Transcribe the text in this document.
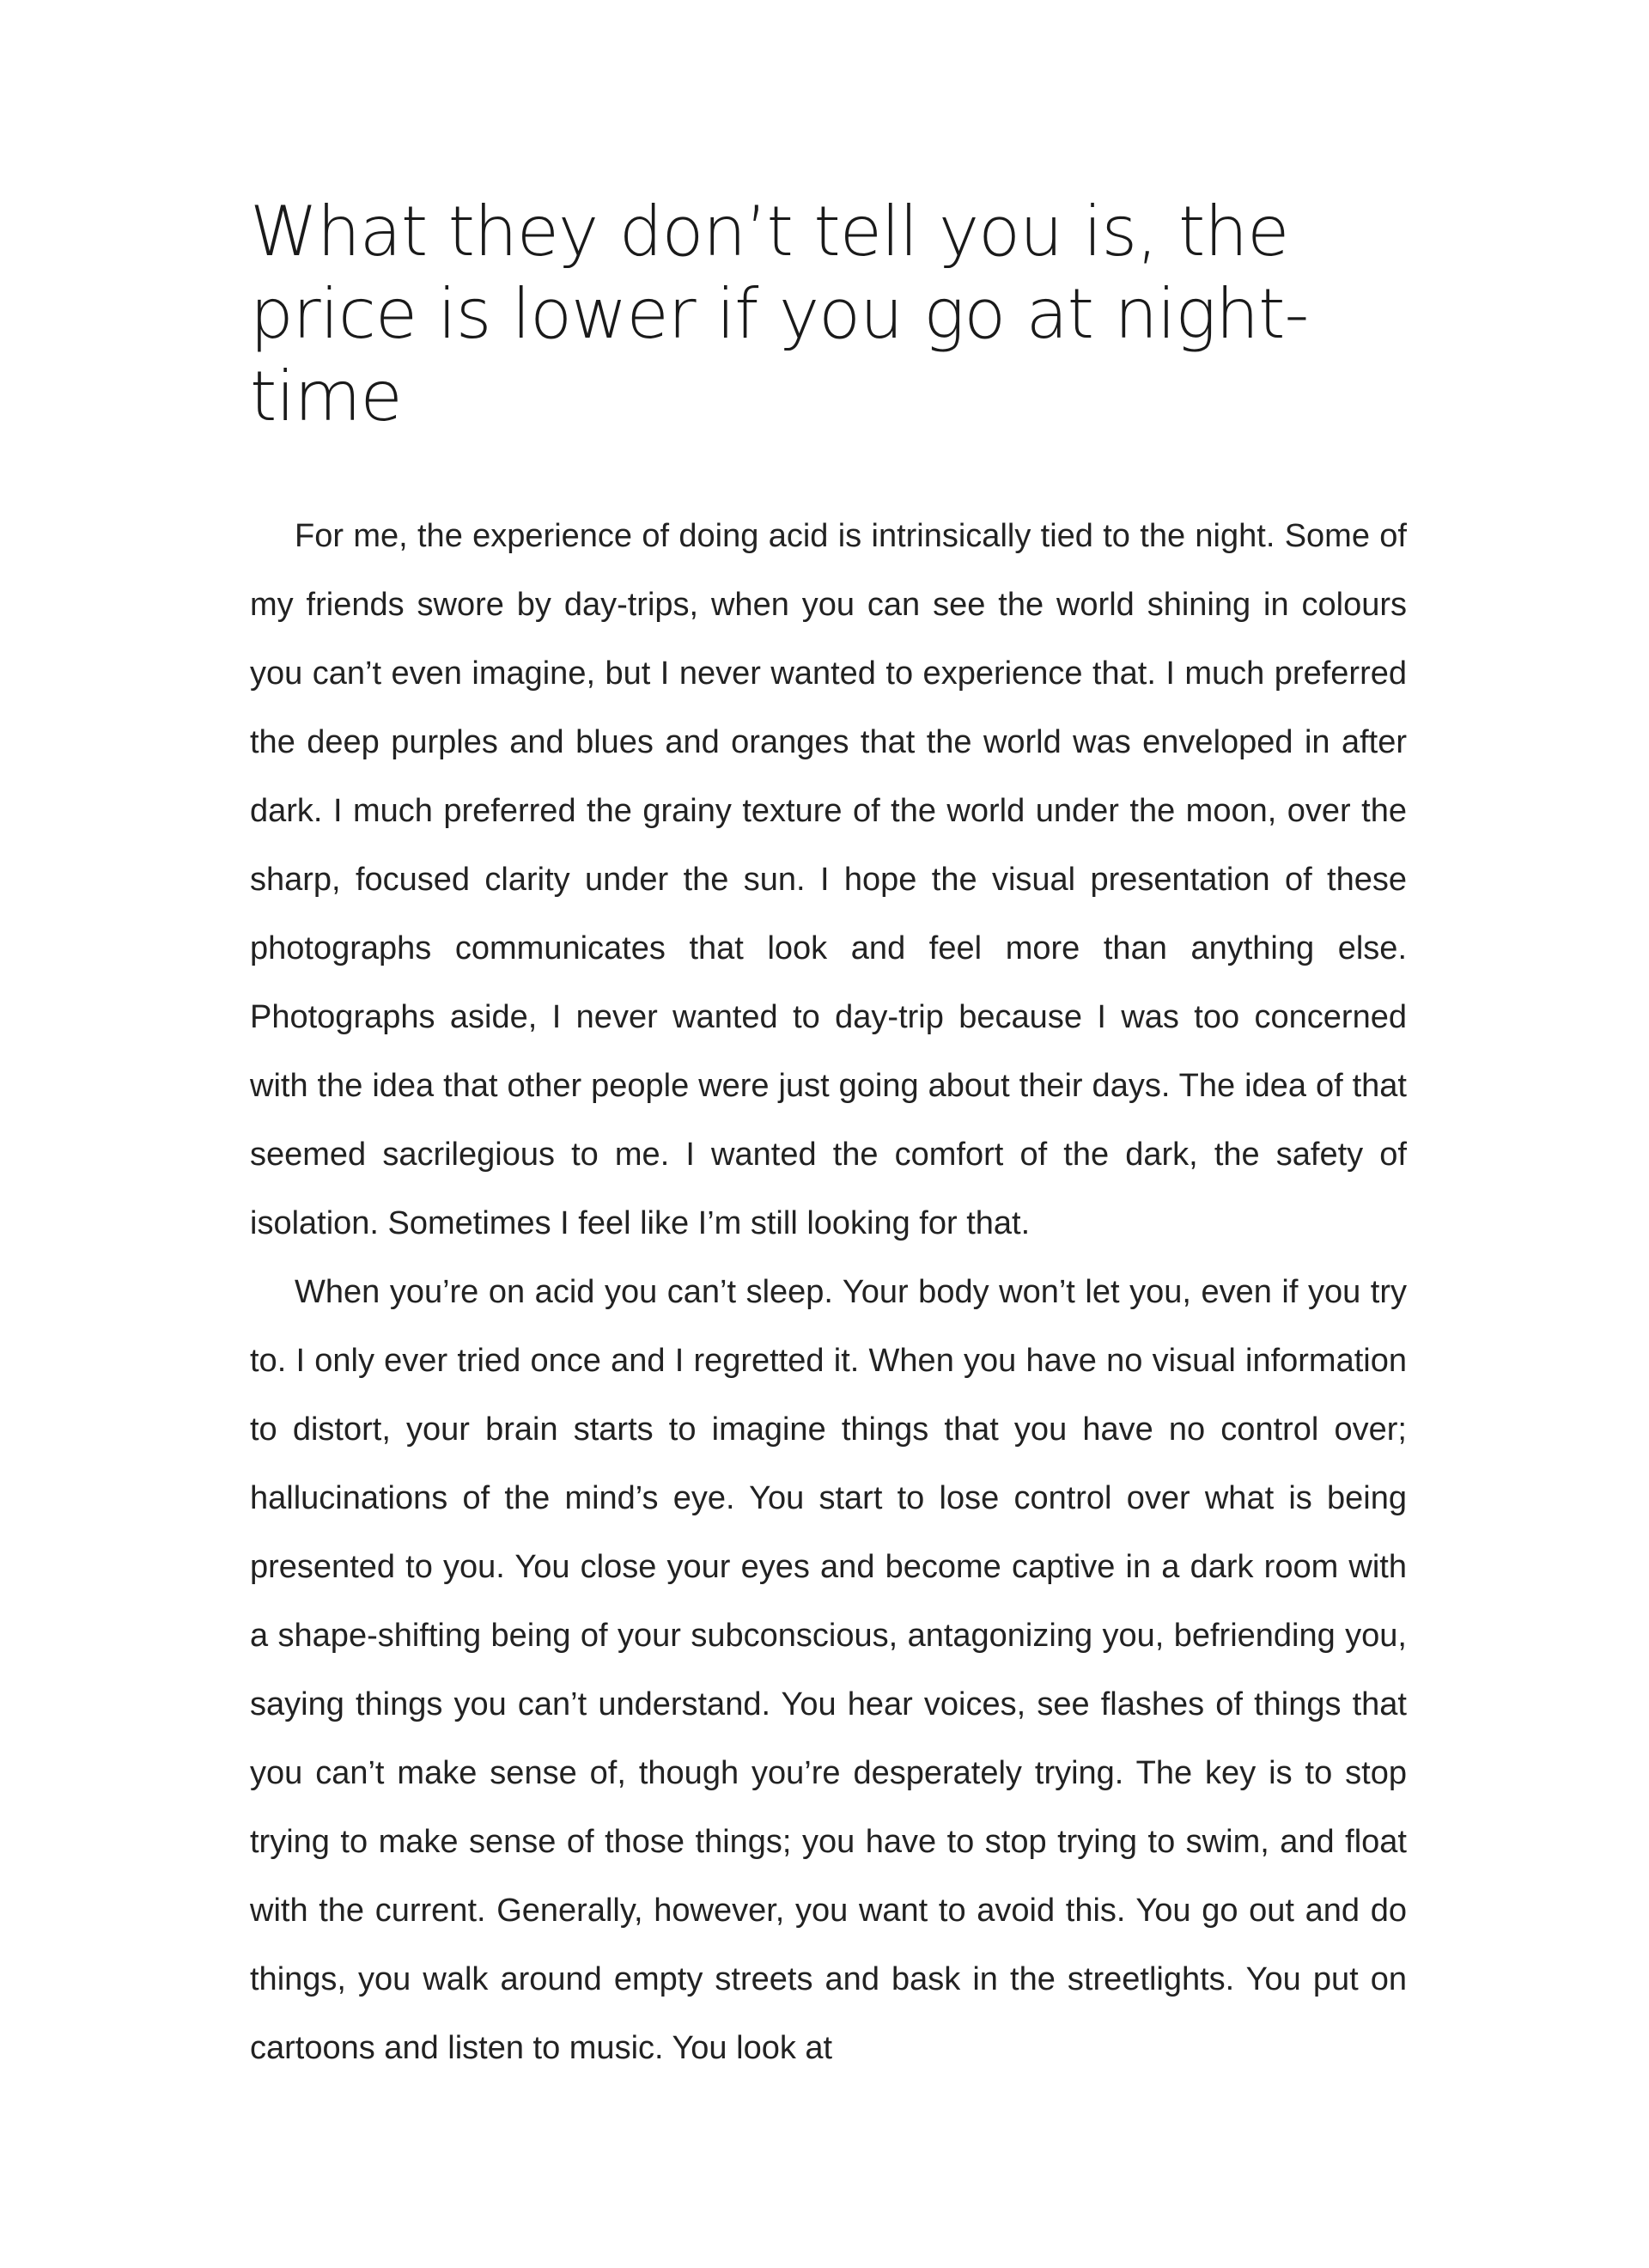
What they don’t tell you is, the price is lower if you go at night-time

For me, the experience of doing acid is intrinsically tied to the night. Some of my friends swore by day-trips, when you can see the world shining in colours you can’t even imagine, but I never wanted to experience that. I much preferred the deep purples and blues and oranges that the world was enveloped in after dark. I much preferred the grainy texture of the world under the moon, over the sharp, focused clarity under the sun. I hope the visual presentation of these photographs communicates that look and feel more than anything else. Photographs aside, I never wanted to day-trip because I was too concerned with the idea that other people were just going about their days. The idea of that seemed sacrilegious to me. I wanted the comfort of the dark, the safety of isolation. Sometimes I feel like I’m still looking for that.

When you’re on acid you can’t sleep. Your body won’t let you, even if you try to. I only ever tried once and I regretted it. When you have no visual information to distort, your brain starts to imagine things that you have no control over; hallucinations of the mind’s eye. You start to lose control over what is being presented to you. You close your eyes and become captive in a dark room with a shape-shifting being of your subconscious, antagonizing you, befriending you, saying things you can’t understand. You hear voices, see flashes of things that you can’t make sense of, though you’re desperately trying. The key is to stop trying to make sense of those things; you have to stop trying to swim, and float with the current. Generally, however, you want to avoid this. You go out and do things, you walk around empty streets and bask in the streetlights. You put on cartoons and listen to music. You look at
